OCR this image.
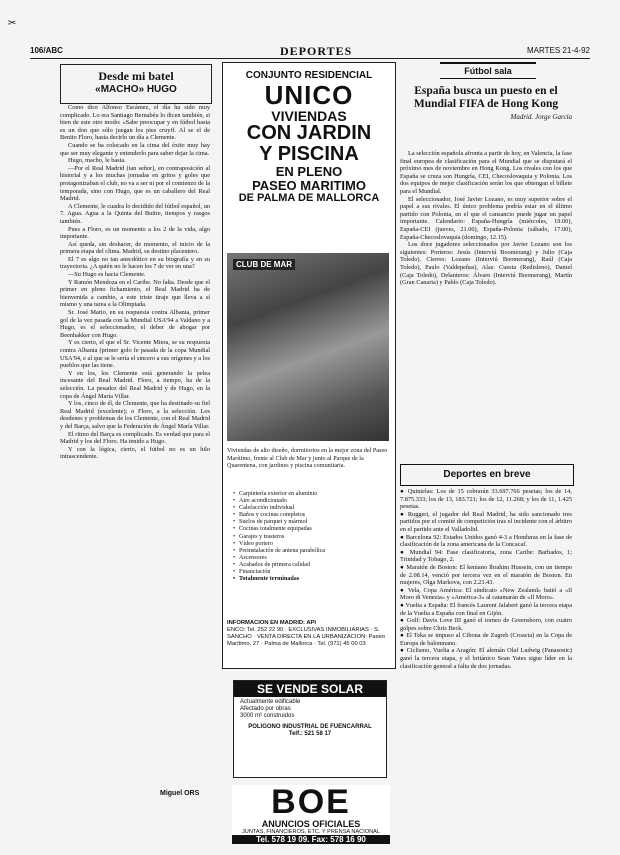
✂
106/ABC	DEPORTES	MARTES 21-4-92
Desde mi batel
«MACHO» HUGO

Como dice Alfonso Escámez, el día ha sido muy complicado. Lo era Santiago Bernabéu lo dicen también, si bien de este otro modo: «Sabe preocupar y en fútbol hasta es un don que sólo juegan los pies cruyff. Al se el de Benito Floro, hasta decirlo un día a Clemente.

Cuando se ha colocado en la cima del éxito muy hay que ser muy elegante y entenderlo para saber dejar la cima.

Hugo, macho, le basta.

—Por el Real Madrid (tan señor), en contraposición al historial y a los muchas jornadas en gritos y goles que protagonizaban el club, no va a ser ni por el comienzo de la temporada, sino con Hugo, que es un caballero del Real Madrid.

A Clemente, le cuadra lo decidido del fútbol español, un 7. Agua. Agua a la Quinta del Buitre, tiempos y rasgos también.

Pues a Floro, es un momento a los 2 de la vida, algo importante.

Así queda, sin deshacer, de momento, el inicio de la primera etapa del clima. Madrid, su destino placentero.

El 7 es algo no tan anecdótico en su biografía y en su trayectoria. ¿A quién no le hacen los 7 de ver en una?

—Su Hugo es hacia Clemente.

Y Ramón Mendoza en el Caribe. No falta. Desde que el primer en pleno fichamiento, el Real Madrid ha de bienvenida a cambio, a este triste tiraje que lleva a sí mismo y una tarea a la Olimpiada.

Sr. José Mario, en su respuesta contra Albania, primer gol de la vez pasada con la Mundial USA'94 a Valdano y a Hugo, es el seleccionador, el deber de abogar por Beenhakker con Hugo.

Y es cierto, el que el Sr. Vicente Miera, se su respuesta contra Albania (primer golo fe pasada de la copa Mundial USA'94, e al que se le sería el sincero a sus orígenes y a los pueblos que las tiene.

Y en los, los Clemente está generando la pelea incesante del Real Madrid. Floro, a tiempo, ha de la selección. La pesadez del Real Madrid y de Hugo, en la copa de Ángel María Villar.

Y los, cinco de él, de Clemente, que ha destinado su fiel Real Madrid (excelente); o Floro, a la selección. Los desdenes y problemas de los Clemente, con el Real Madrid y del Barça, salvo que la Federación de Ángel María Villar.

El ritmo del Barça es complicado. Es verdad que para el Madrid y los del Floro. Ha tenido a Hugo.

Y con la lógica, cierto, el fútbol no es un hilo intrascendente.

Miguel ORS
CONJUNTO RESIDENCIAL
UNICO
VIVIENDAS
CON JARDIN
Y PISCINA
EN PLENO
PASEO MARITIMO
DE PALMA DE MALLORCA
CLUB DE MAR
Viviendas de alto diseño, dormitorios en la mejor zona del Paseo Marítimo, frente al Club de Mar y junto al Parque de la Quarentena, con jardines y piscina comunitaria.
• Carpintería exterior en aluminio
• Aire acondicionado
• Calefacción individual
• Baños y cocinas completos
• Suelos de parquet y mármol
• Cocinas totalmente equipadas
• Garajes y trasteros
• Vídeo portero
• Preinstalación de antena parabólica
• Ascensores
• Acabados de primera calidad
• Financiación
• Totalmente terminadas
INFORMACION EN MADRID: API
ENCO: Tel. 252 22 90 · EXCLUSIVAS INMOBILIARIAS · S. SANCHO · VENTA DIRECTA EN LA URBANIZACION: Paseo Marítimo, 27 · Palma de Mallorca · Tel. (971) 45 00 03
SE VENDE SOLAR
Actualmente edificable
Afectado por obras
3000 m² construidos
POLIGONO INDUSTRIAL DE FUENCARRAL
Telf.: 521 58 17
BOE
ANUNCIOS OFICIALES
JUNTAS, FINANCIEROS, ETC. Y PRENSA NACIONAL
Tel. 578 19 09. Fax: 578 16 90
Fútbol sala
España busca un puesto en el Mundial FIFA de Hong Kong
Madrid. Jorge García

La selección española afronta a partir de hoy, en Valencia, la fase final europea de clasificación para el Mundial que se disputará el próximo mes de noviembre en Hong Kong. Los rivales con los que España se cruza son Hungría, CEI, Checoslovaquia y Polonia. Los dos equipos de mejor clasificación serán los que obtengan el billete para el Mundial.

El seleccionador, José Javier Lozano, es muy superior sobre el papel a sus rivales. El único problema podría estar en el último partido con Polonia, en el que el cansancio puede jugar un papel importante. Calendario: España-Hungría (miércoles, 19.00), España-CEI (jueves, 21.00), España-Polonia (sábado, 17.00), España-Checoslovaquia (domingo, 12.15).

Los doce jugadores seleccionados por Javier Lozano son los siguientes: Porteros: Jesús (Interviú Boomerang) y Julio (Caja Toledo). Cierres: Lozano (Interviú Boomerang), Raúl (Caja Toledo), Paulo (Valdepeñas), Alas: Cuesta (Redisleno), Daniel (Caja Toledo), Delanteros: Álvaro (Interviú Boomerang), Martín (Gran Canaria) y Pablo (Caja Toledo).

Deportes en breve

● Quinielas: Los de 15 cobrarán 33.697.766 pesetas; los de 14, 7.875.333; los de 13, 183.721; los de 12, 11.268; y los de 11, 1.425 pesetas.

● Ruggeri, el jugador del Real Madrid, ha sido sancionado tres partidos por el comité de competición tras el incidente con el árbitro en el partido ante el Valladolid.

● Barcelona 92: Estados Unidos ganó 4-3 a Honduras en la fase de clasificación de la zona americana de la Concacaf.

● Mundial 94: Fase clasificatoria, zona Caribe: Barbados, 1; Trinidad y Tobago, 2.

● Maratón de Boston: El keniano Ibrahim Hussein, con un tiempo de 2.08.14, venció por tercera vez en el maratón de Boston. En mujeres, Olga Markova, con 2.23.43.

● Vela, Copa América: El sindicato «New Zealand» batió a «Il Moro di Venezia» y «América-3» al catamarán de «Il Moro».

● Vuelta a España: El francés Laurent Jalabert ganó la tercera etapa de la Vuelta a España con final en Gijón.

● Golf: Davis Love III ganó el torneo de Greensboro, con cuatro golpes sobre Chris Beck.

● El Teka se impuso al Cibona de Zagreb (Croacia) en la Copa de Europa de balonmano.

● Ciclismo, Vuelta a Aragón: El alemán Olaf Ludwig (Panasonic) ganó la tercera etapa, y el británico Sean Yates sigue líder en la clasificación general a falta de dos jornadas.
